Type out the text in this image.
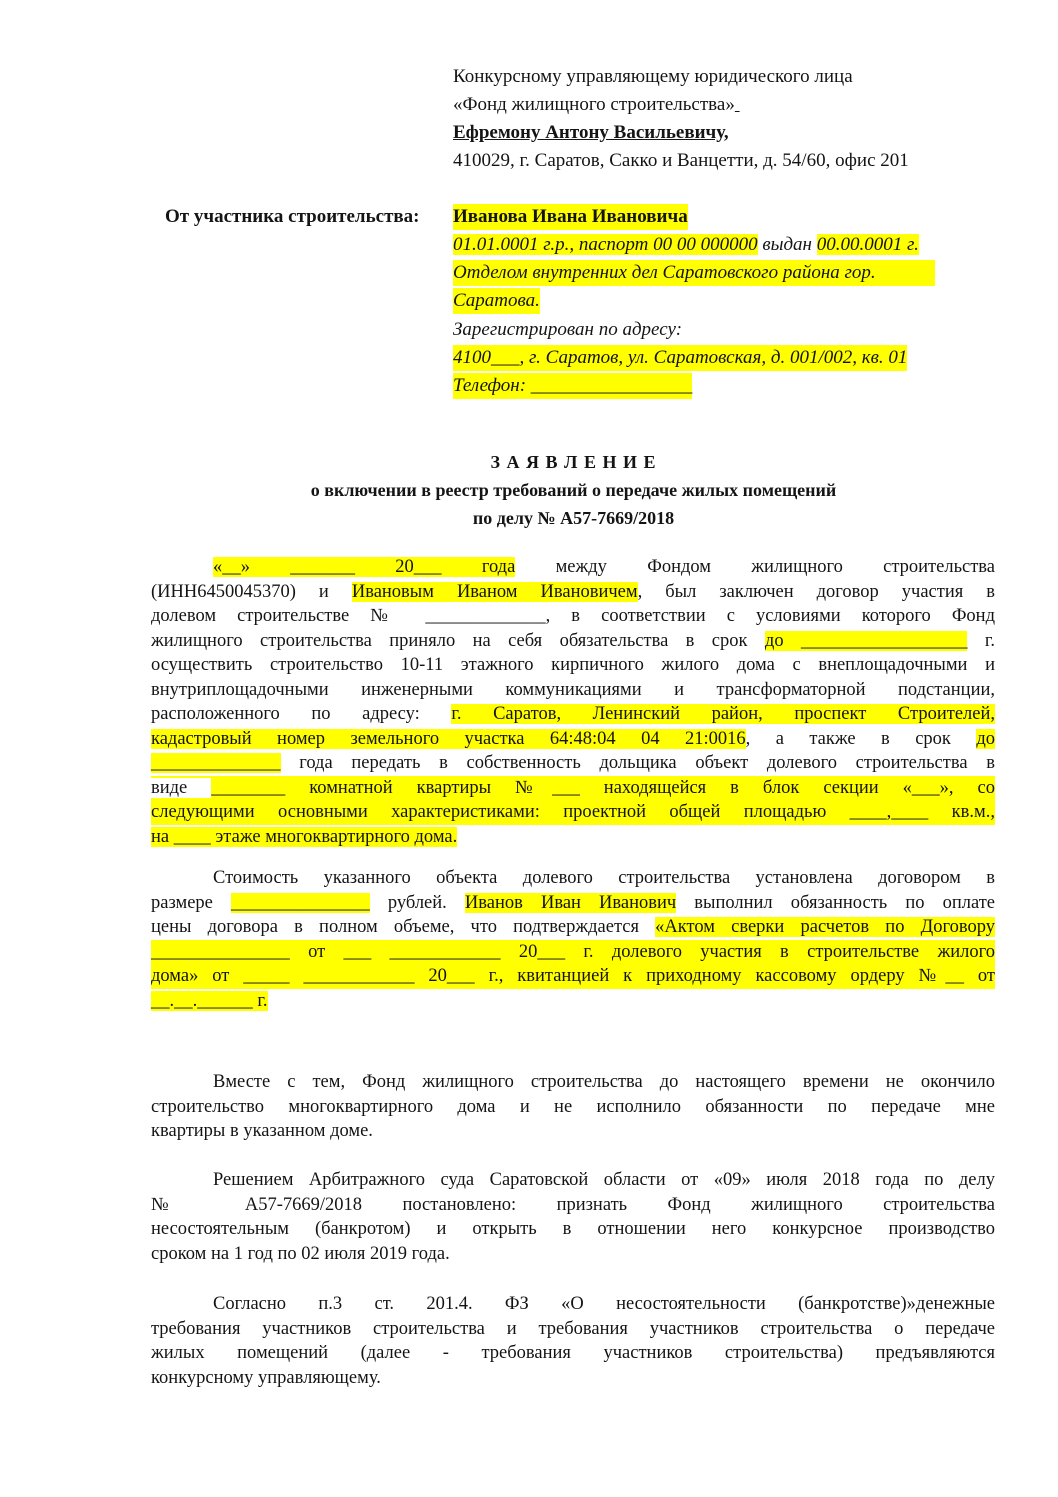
Конкурсному управляющему юридического лица
«Фонд жилищного строительства»
Ефремону Антону Васильевичу,
410029, г. Саратов, Сакко и Ванцетти, д. 54/60, офис 201
От участника строительства: Иванова Ивана Ивановича
01.01.0001 г.р., паспорт 00 00 000000 выдан 00.00.0001 г.
Отделом внутренних дел Саратовского района гор.
Саратова.
Зарегистрирован по адресу:
4100___, г. Саратов, ул. Саратовская, д. 001/002, кв. 01
Телефон: _________________
З А Я В Л Е Н И Е
о включении в реестр требований о передаче жилых помещений
по делу № А57-7669/2018
«__» _______ 20___ года между Фондом жилищного строительства
(ИНН6450045370) и Ивановым Иваном Ивановичем, был заключен договор участия в
долевом строительстве № _____________, в соответствии с условиями которого Фонд
жилищного строительства приняло на себя обязательства в срок до __________________ г.
осуществить строительство 10-11 этажного кирпичного жилого дома с внеплощадочными и
внутриплощадочными инженерными коммуникациями и трансформаторной подстанции,
расположенного по адресу: г. Саратов, Ленинский район, проспект Строителей,
кадастровый номер земельного участка 64:48:04 04 21:0016, а также в срок до
______________ года передать в собственность дольщика объект долевого строительства в
виде ________ комнатной квартиры №___ находящейся в блок секции «___», со
следующими основными характеристиками: проектной общей площадью ____,____ кв.м.,
на ____ этаже многоквартирного дома.
Стоимость указанного объекта долевого строительства установлена договором в
размере _______________ рублей. Иванов Иван Иванович выполнил обязанность по оплате
цены договора в полном объеме, что подтверждается «Актом сверки расчетов по Договору
_______________ от ___ ____________ 20___ г. долевого участия в строительстве жилого
дома» от _____ ____________ 20___ г., квитанцией к приходному кассовому ордеру №__ от
__.__.______ г.
Вместе с тем, Фонд жилищного строительства до настоящего времени не окончило
строительство многоквартирного дома и не исполнило обязанности по передаче мне
квартиры в указанном доме.
Решением Арбитражного суда Саратовской области от «09» июля 2018 года по делу
№ А57-7669/2018 постановлено: признать Фонд жилищного строительства
несостоятельным (банкротом) и открыть в отношении него конкурсное производство
сроком на 1 год по 02 июля 2019 года.
Согласно п.3 ст. 201.4. ФЗ «О несостоятельности (банкротстве)»денежные
требования участников строительства и требования участников строительства о передаче
жилых помещений (далее - требования участников строительства) предъявляются
конкурсному управляющему.
